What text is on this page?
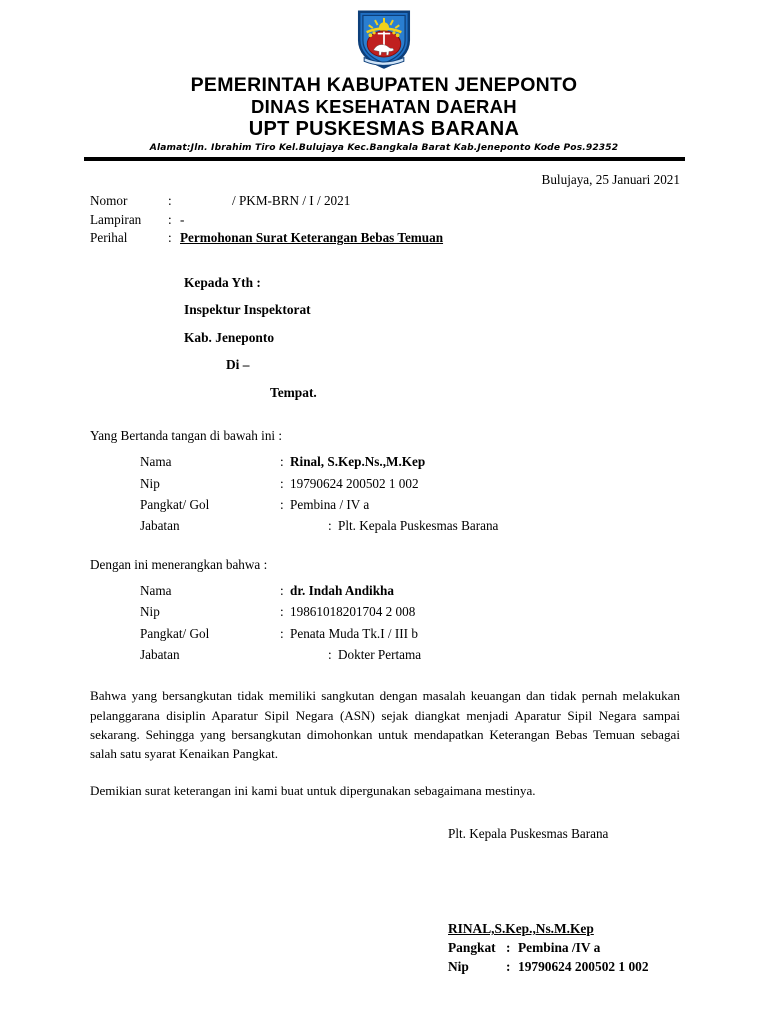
PEMERINTAH KABUPATEN JENEPONTO
DINAS KESEHATAN DAERAH
UPT PUSKESMAS BARANA
Alamat:Jln. Ibrahim Tiro Kel.Bulujaya Kec.Bangkala Barat Kab.Jeneponto Kode Pos.92352
Bulujaya, 25 Januari 2021
Nomor	:	/ PKM-BRN / I / 2021
Lampiran	: -
Perihal	: Permohonan Surat Keterangan Bebas Temuan
Kepada Yth :
Inspektur Inspektorat
Kab. Jeneponto
Di –
Tempat.
Yang Bertanda tangan di bawah ini :
Nama	: Rinal, S.Kep.Ns.,M.Kep
Nip	: 19790624 200502 1 002
Pangkat/ Gol	: Pembina / IV a
Jabatan	: Plt. Kepala Puskesmas Barana
Dengan ini menerangkan bahwa :
Nama	: dr. Indah Andikha
Nip	: 19861018201704 2 008
Pangkat/ Gol	: Penata Muda Tk.I / III b
Jabatan	: Dokter Pertama
Bahwa yang bersangkutan tidak memiliki sangkutan dengan masalah keuangan dan tidak pernah melakukan pelanggarana disiplin Aparatur Sipil Negara (ASN) sejak diangkat menjadi Aparatur Sipil Negara sampai sekarang. Sehingga yang bersangkutan dimohonkan untuk mendapatkan Keterangan Bebas Temuan sebagai salah satu syarat Kenaikan Pangkat.
Demikian surat keterangan ini kami buat untuk dipergunakan sebagaimana mestinya.
Plt. Kepala Puskesmas Barana
RINAL,S.Kep.,Ns.M.Kep
Pangkat : Pembina /IV a
Nip	: 19790624 200502 1 002
